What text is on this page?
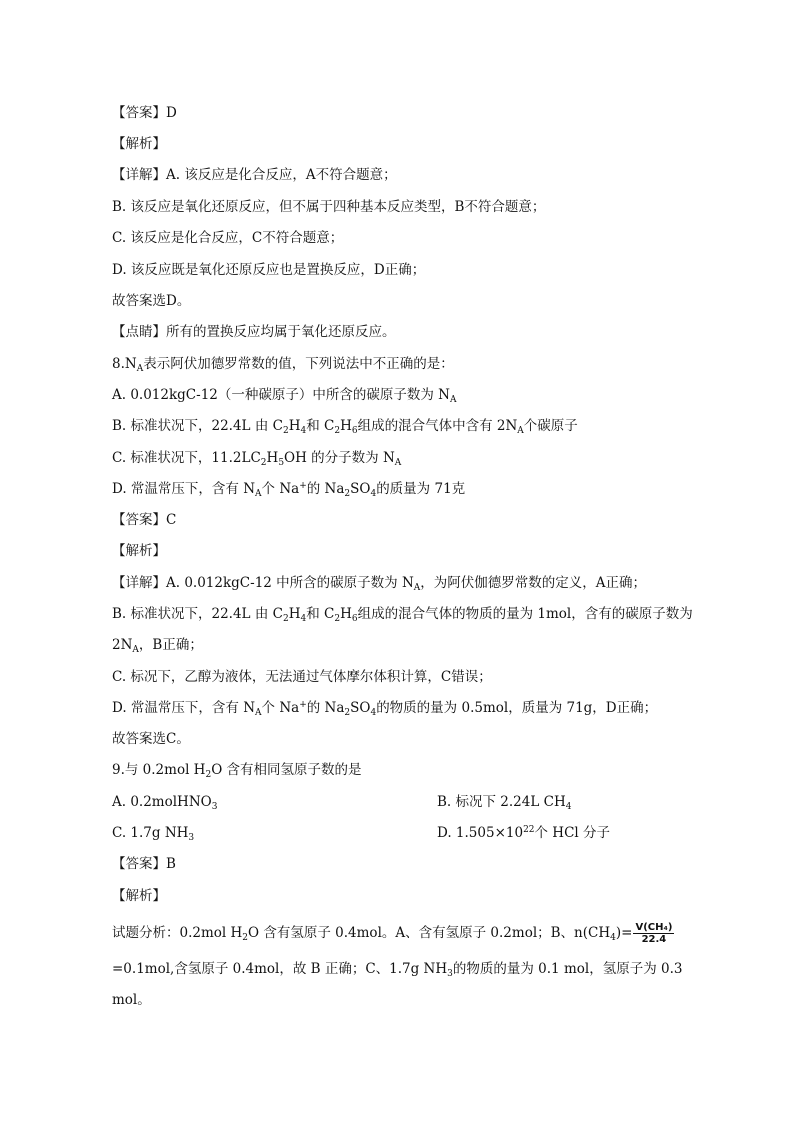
【答案】D
【解析】
【详解】A. 该反应是化合反应，A不符合题意；
B. 该反应是氧化还原反应，但不属于四种基本反应类型，B不符合题意；
C. 该反应是化合反应，C不符合题意；
D. 该反应既是氧化还原反应也是置换反应，D正确；
故答案选D。
【点睛】所有的置换反应均属于氧化还原反应。
$8.N_A$表示阿伏加德罗常数的值，下列说法中不正确的是：
A. 0.012kgC-12（一种碳原子）中所含的碳原子数为 $N_A$
B. 标准状况下，22.4L 由 $C_2H_4$和 $C_2H_6$组成的混合气体中含有 $2N_A$个碳原子
C. 标准状况下，$11.2LC_2H_5OH$ 的分子数为 $N_A$
D. 常温常压下，含有 $N_A$个 Na+的 $Na_2SO_4$的质量为 71克
【答案】C
【解析】
【详解】A. 0.012kgC-12 中所含的碳原子数为 $N_A$，为阿伏伽德罗常数的定义，A正确；
B. 标准状况下，22.4L 由 $C_2H_4$和 $C_2H_6$组成的混合气体的物质的量为 1mol，含有的碳原子数为
$2N_A$，B正确；
C. 标况下，乙醇为液体，无法通过气体摩尔体积计算，C错误；
D. 常温常压下，含有 $N_A$个 Na+的 $Na_2SO_4$的物质的量为 0.5mol，质量为 71g，D正确；
故答案选C。
9.与 0.2mol $H_2O$ 含有相同氢原子数的是
A. 0.2molHNO$_3$	B. 标况下 2.24L $CH_4$
C. 1.7g $NH_3$	D. $1.505\times 10^{22}$个 HCl 分子
【答案】B
【解析】
试题分析：0.2mol $H_2O$ 含有氢原子 0.4mol。A、含有氢原子 0.2mol；B、$n(CH_4)= \frac{\text{V(CH₄)}}{22.4}$
=0.1mol,含氢原子 0.4mol，故 B 正确；C、1.7g $NH_3$的物质的量为 0.1 mol，氢原子为 0.3
mol。
